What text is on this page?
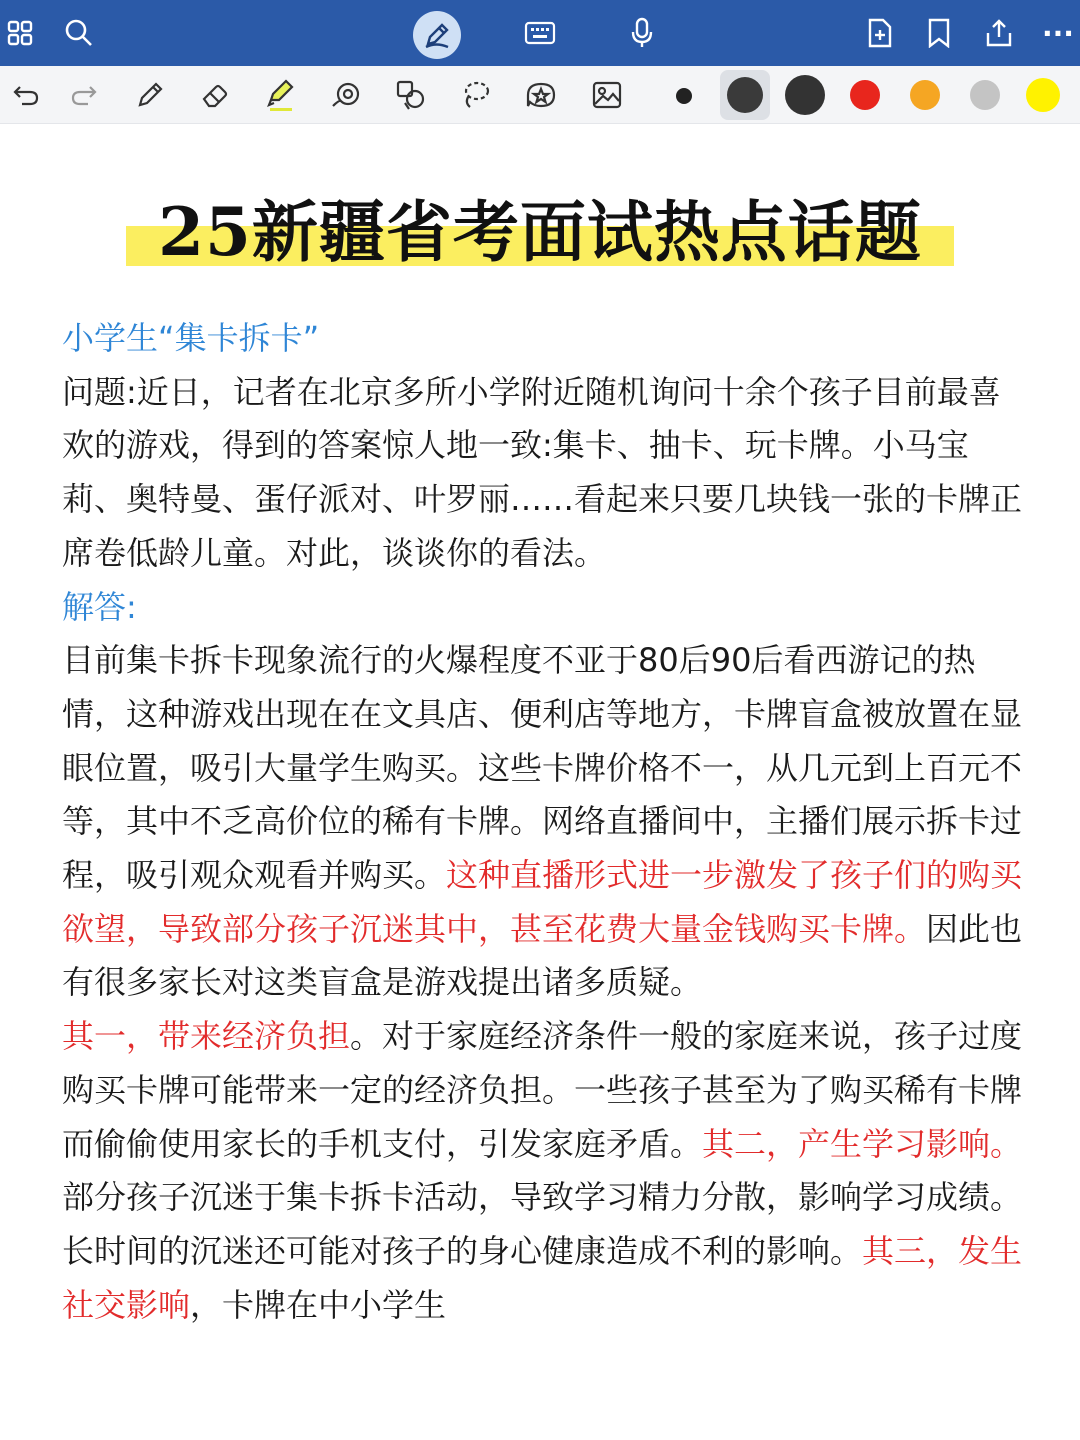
···
25新疆省考面试热点话题

小学生“集卡拆卡”

问题:近日，记者在北京多所小学附近随机询问十余个孩子目前最喜欢的游戏，得到的答案惊人地一致:集卡、抽卡、玩卡牌。小马宝莉、奥特曼、蛋仔派对、叶罗丽……看起来只要几块钱一张的卡牌正席卷低龄儿童。对此，谈谈你的看法。

解答:

目前集卡拆卡现象流行的火爆程度不亚于80后90后看西游记的热情，这种游戏出现在在文具店、便利店等地方，卡牌盲盒被放置在显眼位置，吸引大量学生购买。这些卡牌价格不一，从几元到上百元不等，其中不乏高价位的稀有卡牌。网络直播间中，主播们展示拆卡过程，吸引观众观看并购买。这种直播形式进一步激发了孩子们的购买欲望，导致部分孩子沉迷其中，甚至花费大量金钱购买卡牌。因此也有很多家长对这类盲盒是游戏提出诸多质疑。

其一，带来经济负担。对于家庭经济条件一般的家庭来说，孩子过度购买卡牌可能带来一定的经济负担。一些孩子甚至为了购买稀有卡牌而偷偷使用家长的手机支付，引发家庭矛盾。其二，产生学习影响。部分孩子沉迷于集卡拆卡活动，导致学习精力分散，影响学习成绩。长时间的沉迷还可能对孩子的身心健康造成不利的影响。其三，发生社交影响，卡牌在中小学生
